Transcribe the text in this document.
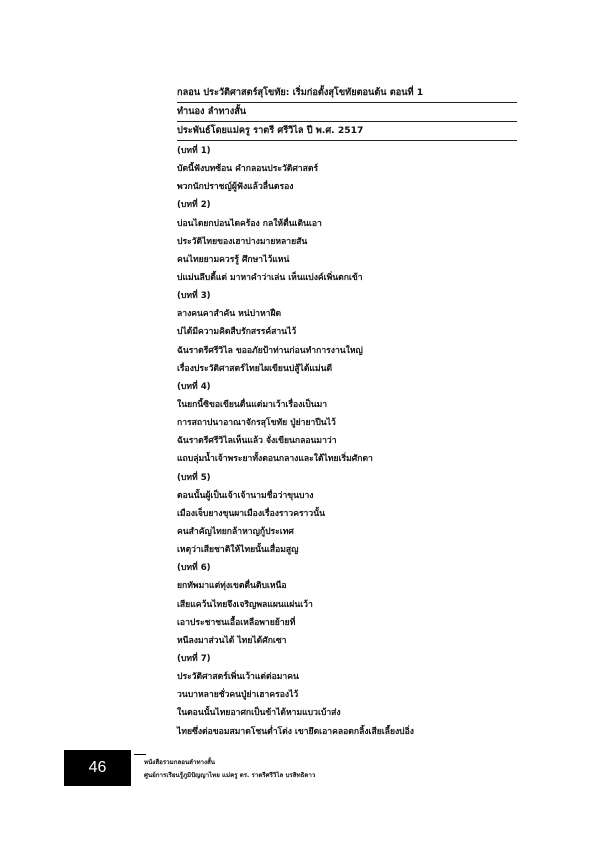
กลอน ประวัติศาสตร์สุโขทัย: เริ่มก่อตั้งสุโขทัยตอนต้น ตอนที่ 1
ทำนอง ลำทางสั้น
ประพันธ์โดยแม่ครู ราตรี ศรีวิไล ปี พ.ศ. 2517
(บทที่ 1)
บัดนี้ฟังบทซ้อน คำกลอนประวัติศาสตร์
พวกนักปราชญ์ผู้ฟังแล้วลื่นตรอง
(บทที่ 2)
บ่อนไดยกบ่อนไดคร้อง กลให้ตื่นเตินเอา
ประวัติไทยของเฮาบ่างมายหลายสัน
คนไทยยามควรรู้ ศึกษาไว้แหน่
บ่แม่นลึบตี้แต่ มาหาคำว่าเล่น เห็นแบ่งค์เพิ่นตกเข้า
(บทที่ 3)
ลางคนคาสำคัน หน่บ่าหาฝืด
บ่ได้มีความคิดสืบรักสรรค์สานไว้
ฉันราตรีศรีวิไล ขออภัยป้าท่านก่อนทำการงานใหญ่
เรื่องประวัติศาสตร์ไทยไผเขียนบ่สู้ได้แม่นดี
(บทที่ 4)
ในยกนี้ซิขอเขียนตื่นแต่มาเว้าเรื่องเป็นมา
การสถาปนาอาณาจักรสุโขทัย ปู่ย่ายาปีนไว้
ฉันราตรีศรีวิไลเห็นแล้ว จั่งเขียนกลอนมาว่า
แถบลุ่มน้ำเจ้าพระยาทั้งตอนกลางและใต้ไทยเริ่มศักดา
(บทที่ 5)
ตอนนั้นผู้เป็นเจ้าเจ้านามชื่อว่าขุนบาง
เมืองเจ็บยางขุนผาเมืองเรื่องราวคราวนั้น
คนสำคัญไทยกล้าหาญกู้ประเทศ
เหตุว่าเสียชาติให้ไทยนั้นเสื่อมสูญ
(บทที่ 6)
ยกทัพมาแต่ทุ่งเขตตื่นติบเหนือ
เสียแคว้นไทยจึงเจริญพลแผนแผ่นเว้า
เอาประชาชนเอื้อเหลือพายย้ายที่
หนีลงมาส่วนได้ ไทยได้ศักเซา
(บทที่ 7)
ประวัติศาสตร์เพิ่นเว้าแต่ต่อมาคน
วนบาหลายชั่วคนปู่ย่าเฮาครองไว้
ในตอนนั้นไทยอาศกเป็นข้าได้หามแบวเบ้าส่ง
ไทยซึ่งต่อขอมสมาดโชนต่ำโต่ง เขายึดเอาคลอดกลิ้งเสียเลี้ยงบ่อิ่ง
46	หนังสือรวมกลอนลำทางสั้น
ศูนย์การเรียนรู้ภูมิปัญญาไทย แม่ครู ดร. ราตรีศรีวิไล บรสิทธิดาว
